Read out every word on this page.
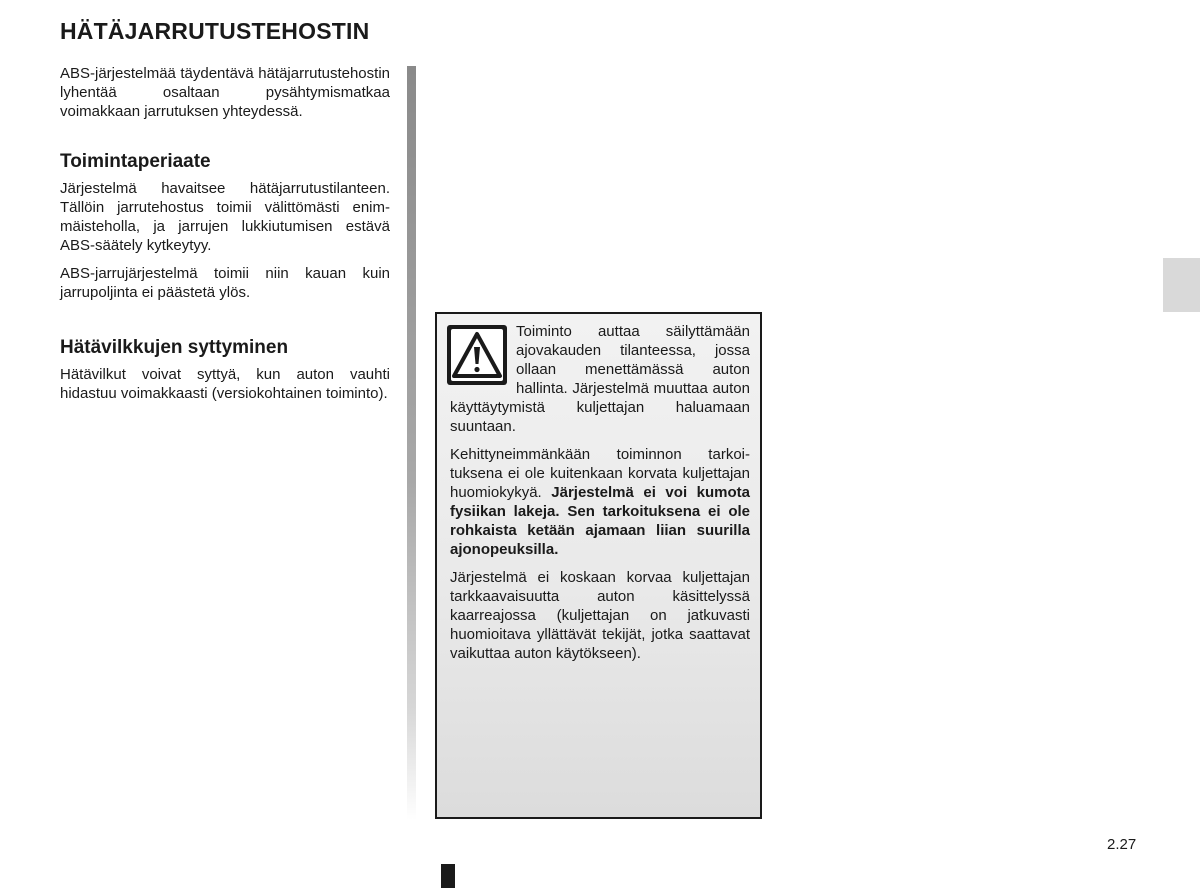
HÄTÄJARRUTUSTEHOSTIN

ABS-järjestelmää täydentävä hätäjarrutustehostin lyhentää osaltaan pysähtymismatkaa voimakkaan jarrutuksen yhteydessä.

Toimintaperiaate

Järjestelmä havaitsee hätäjarrutustilanteen. Tällöin jarrutehostus toimii välittömästi enimmäisteholla, ja jarrujen lukkiutumisen estävä ABS-säätely kytkeytyy.

ABS-jarrujärjestelmä toimii niin kauan kuin jarrupoljinta ei päästetä ylös.

Hätävilkkujen syttyminen

Hätävilkut voivat syttyä, kun auton vauhti hidastuu voimakkaasti (versiokohtainen toiminto).

Toiminto auttaa säilyttämään ajovakauden tilanteessa, jossa ollaan menettämässä auton hallinta. Järjestelmä muuttaa auton käyttäytymistä kuljettajan haluamaan suuntaan.

Kehittyneimmänkään toiminnon tarkoituksena ei ole kuitenkaan korvata kuljettajan huomiokykyä. Järjestelmä ei voi kumota fysiikan lakeja. Sen tarkoituksena ei ole rohkaista ketään ajamaan liian suurilla ajonopeuksilla.

Järjestelmä ei koskaan korvaa kuljettajan tarkkaavaisuutta auton käsittelyssä kaarreajossa (kuljettajan on jatkuvasti huomioitava yllättävät tekijät, jotka saattavat vaikuttaa auton käytökseen).

2.27
